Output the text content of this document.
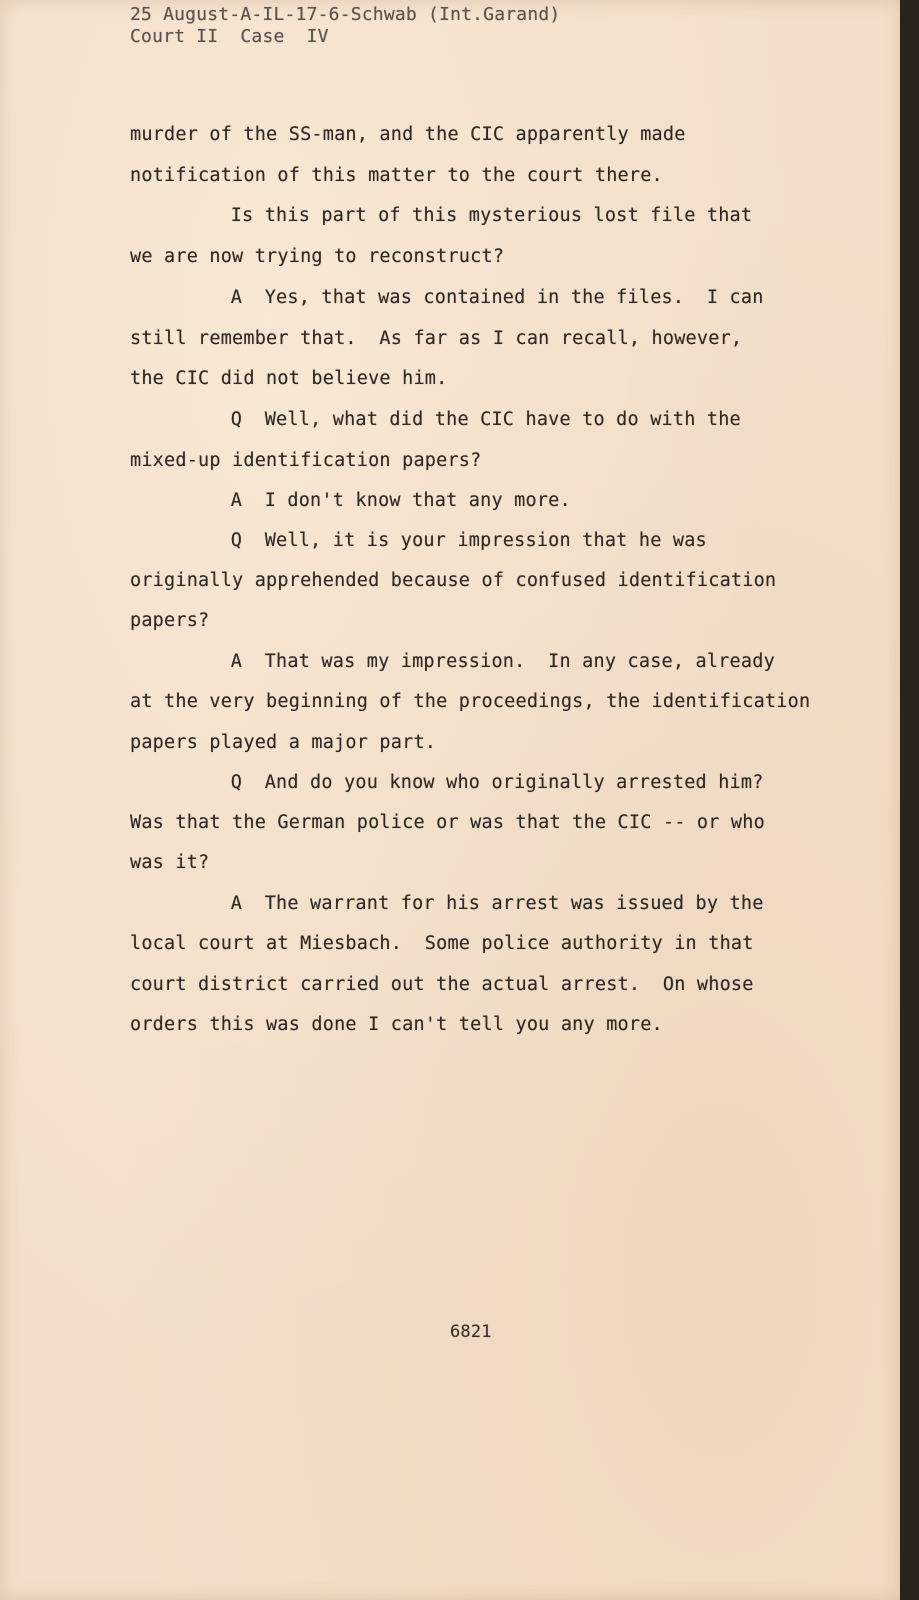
25 August-A-IL-17-6-Schwab (Int.Garand)

Court II  Case  IV

murder of the SS-man, and the CIC apparently made

notification of this matter to the court there.

Is this part of this mysterious lost file that

we are now trying to reconstruct?

A  Yes, that was contained in the files.  I can

still remember that.  As far as I can recall, however,

the CIC did not believe him.

Q  Well, what did the CIC have to do with the

mixed-up identification papers?

A  I don't know that any more.

Q  Well, it is your impression that he was

originally apprehended because of confused identification

papers?

A  That was my impression.  In any case, already

at the very beginning of the proceedings, the identification

papers played a major part.

Q  And do you know who originally arrested him?

Was that the German police or was that the CIC -- or who

was it?

A  The warrant for his arrest was issued by the

local court at Miesbach.  Some police authority in that

court district carried out the actual arrest.  On whose

orders this was done I can't tell you any more.

6821
